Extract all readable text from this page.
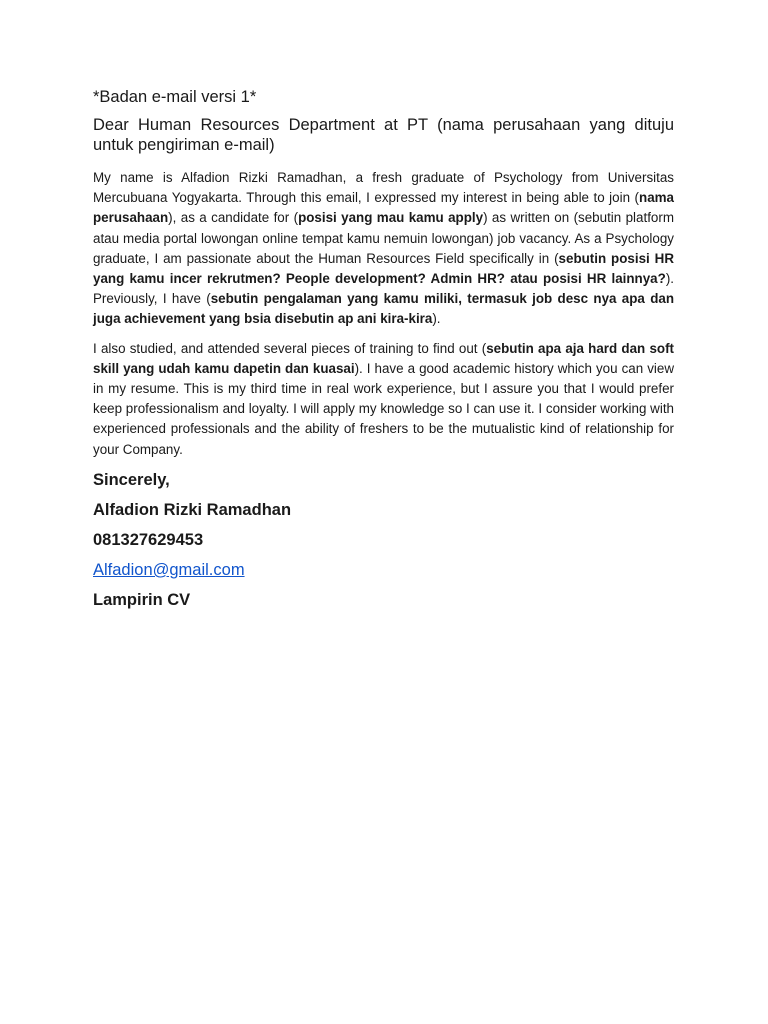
*Badan e-mail versi 1*
Dear Human Resources Department at PT (nama perusahaan yang dituju untuk pengiriman e-mail)

My name is Alfadion Rizki Ramadhan, a fresh graduate of Psychology from Universitas Mercubuana Yogyakarta. Through this email, I expressed my interest in being able to join (nama perusahaan), as a candidate for (posisi yang mau kamu apply) as written on (sebutin platform atau media portal lowongan online tempat kamu nemuin lowongan) job vacancy. As a Psychology graduate, I am passionate about the Human Resources Field specifically in (sebutin posisi HR yang kamu incer rekrutmen? People development? Admin HR? atau posisi HR lainnya?). Previously, I have (sebutin pengalaman yang kamu miliki, termasuk job desc nya apa dan juga achievement yang bsia disebutin ap ani kira-kira).

I also studied, and attended several pieces of training to find out (sebutin apa aja hard dan soft skill yang udah kamu dapetin dan kuasai). I have a good academic history which you can view in my resume. This is my third time in real work experience, but I assure you that I would prefer keep professionalism and loyalty. I will apply my knowledge so I can use it. I consider working with experienced professionals and the ability of freshers to be the mutualistic kind of relationship for your Company.

Sincerely,
Alfadion Rizki Ramadhan
081327629453
Alfadion@gmail.com
Lampirin CV
